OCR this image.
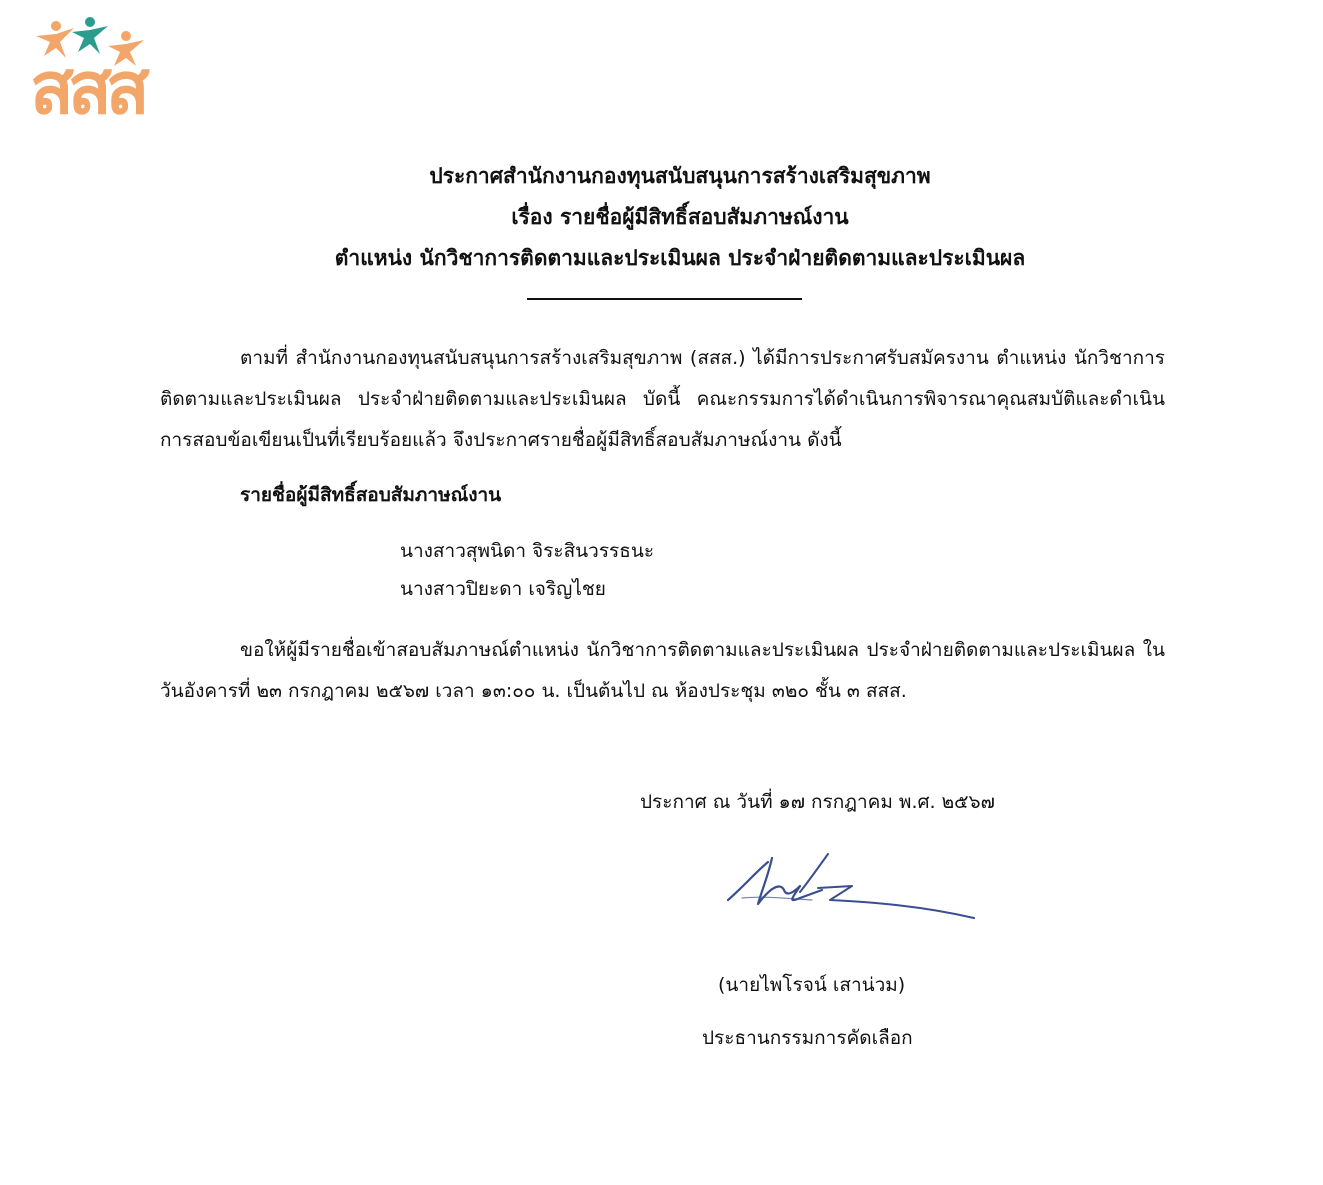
สสส
ประกาศสำนักงานกองทุนสนับสนุนการสร้างเสริมสุขภาพ
เรื่อง รายชื่อผู้มีสิทธิ์สอบสัมภาษณ์งาน
ตำแหน่ง นักวิชาการติดตามและประเมินผล ประจำฝ่ายติดตามและประเมินผล

ตามที่ สำนักงานกองทุนสนับสนุนการสร้างเสริมสุขภาพ (สสส.) ได้มีการประกาศรับสมัครงาน ตำแหน่ง นักวิชาการติดตามและประเมินผล ประจำฝ่ายติดตามและประเมินผล บัดนี้ คณะกรรมการได้ดำเนินการพิจารณาคุณสมบัติและดำเนินการสอบข้อเขียนเป็นที่เรียบร้อยแล้ว จึงประกาศรายชื่อผู้มีสิทธิ์สอบสัมภาษณ์งาน ดังนี้

รายชื่อผู้มีสิทธิ์สอบสัมภาษณ์งาน
นางสาวสุพนิดา จิระสินวรรธนะ
นางสาวปิยะดา เจริญไชย

ขอให้ผู้มีรายชื่อเข้าสอบสัมภาษณ์ตำแหน่ง นักวิชาการติดตามและประเมินผล ประจำฝ่ายติดตามและประเมินผล ในวันอังคารที่ ๒๓ กรกฎาคม ๒๕๖๗ เวลา ๑๓:๐๐ น. เป็นต้นไป ณ ห้องประชุม ๓๒๐ ชั้น ๓ สสส.

ประกาศ ณ วันที่ ๑๗ กรกฎาคม พ.ศ. ๒๕๖๗
(นายไพโรจน์ เสาน่วม)
ประธานกรรมการคัดเลือก
